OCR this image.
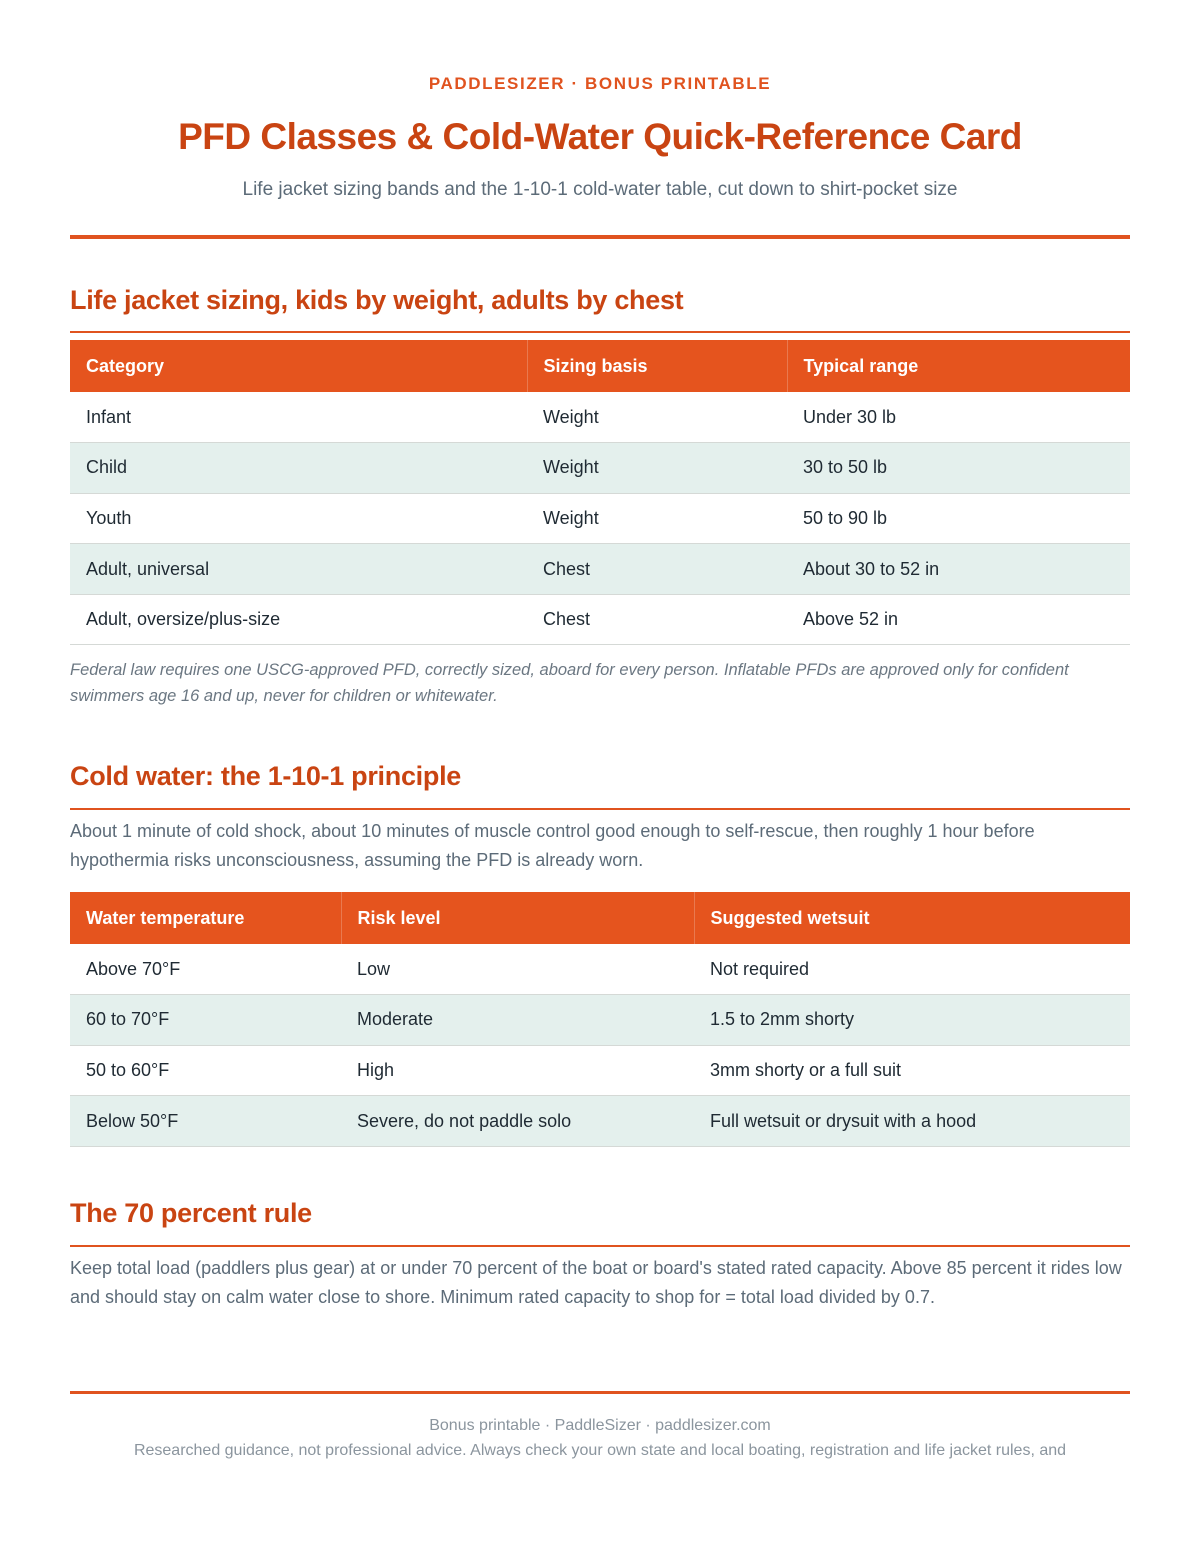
PADDLESIZER · BONUS PRINTABLE
PFD Classes & Cold-Water Quick-Reference Card
Life jacket sizing bands and the 1-10-1 cold-water table, cut down to shirt-pocket size
Life jacket sizing, kids by weight, adults by chest
Category	Sizing basis	Typical range
Infant	Weight	Under 30 lb
Child	Weight	30 to 50 lb
Youth	Weight	50 to 90 lb
Adult, universal	Chest	About 30 to 52 in
Adult, oversize/plus-size	Chest	Above 52 in

Federal law requires one USCG-approved PFD, correctly sized, aboard for every person. Inflatable PFDs are approved only for confident swimmers age 16 and up, never for children or whitewater.

Cold water: the 1-10-1 principle

About 1 minute of cold shock, about 10 minutes of muscle control good enough to self-rescue, then roughly 1 hour before hypothermia risks unconsciousness, assuming the PFD is already worn.

Water temperature	Risk level	Suggested wetsuit
Above 70°F	Low	Not required
60 to 70°F	Moderate	1.5 to 2mm shorty
50 to 60°F	High	3mm shorty or a full suit
Below 50°F	Severe, do not paddle solo	Full wetsuit or drysuit with a hood
The 70 percent rule

Keep total load (paddlers plus gear) at or under 70 percent of the boat or board's stated rated capacity. Above 85 percent it rides low and should stay on calm water close to shore. Minimum rated capacity to shop for = total load divided by 0.7.

Bonus printable · PaddleSizer · paddlesizer.com
Researched guidance, not professional advice. Always check your own state and local boating, registration and life jacket rules, and
